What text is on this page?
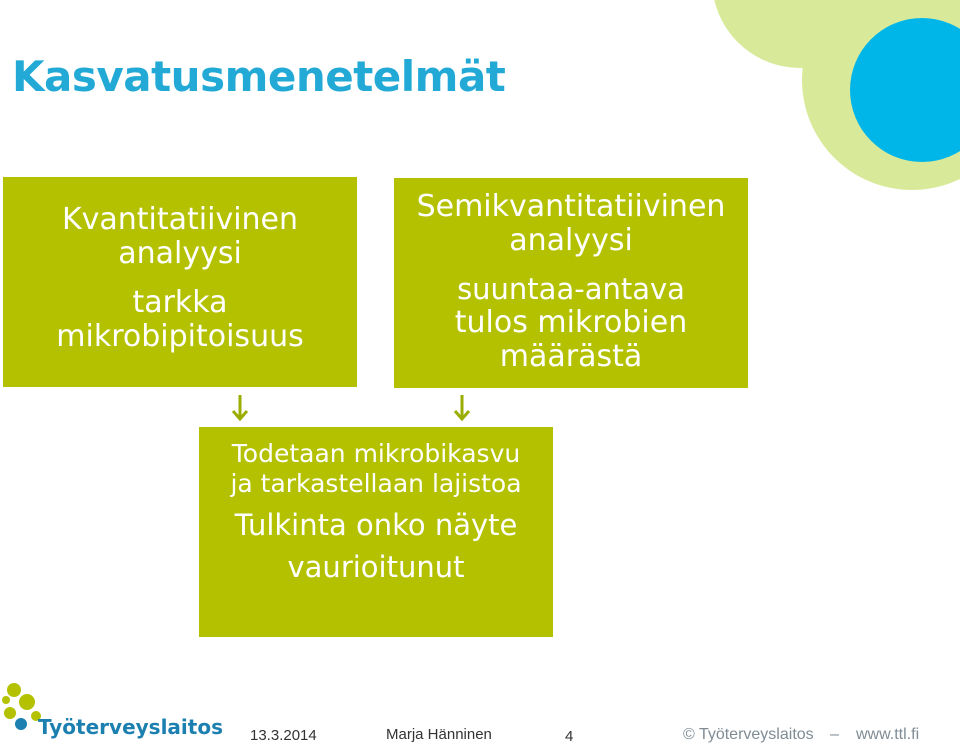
Kasvatusmenetelmät
Kvantitatiivinen
analyysi
tarkka
mikrobipitoisuus
Semikvantitatiivinen
analyysi
suuntaa-antava
tulos mikrobien
määrästä
Todetaan mikrobikasvu
ja tarkastellaan lajistoa
Tulkinta onko näyte
vaurioitunut
Työterveyslaitos 13.3.2014	Marja Hänninen	4	© Työterveyslaitos – www.ttl.fi
